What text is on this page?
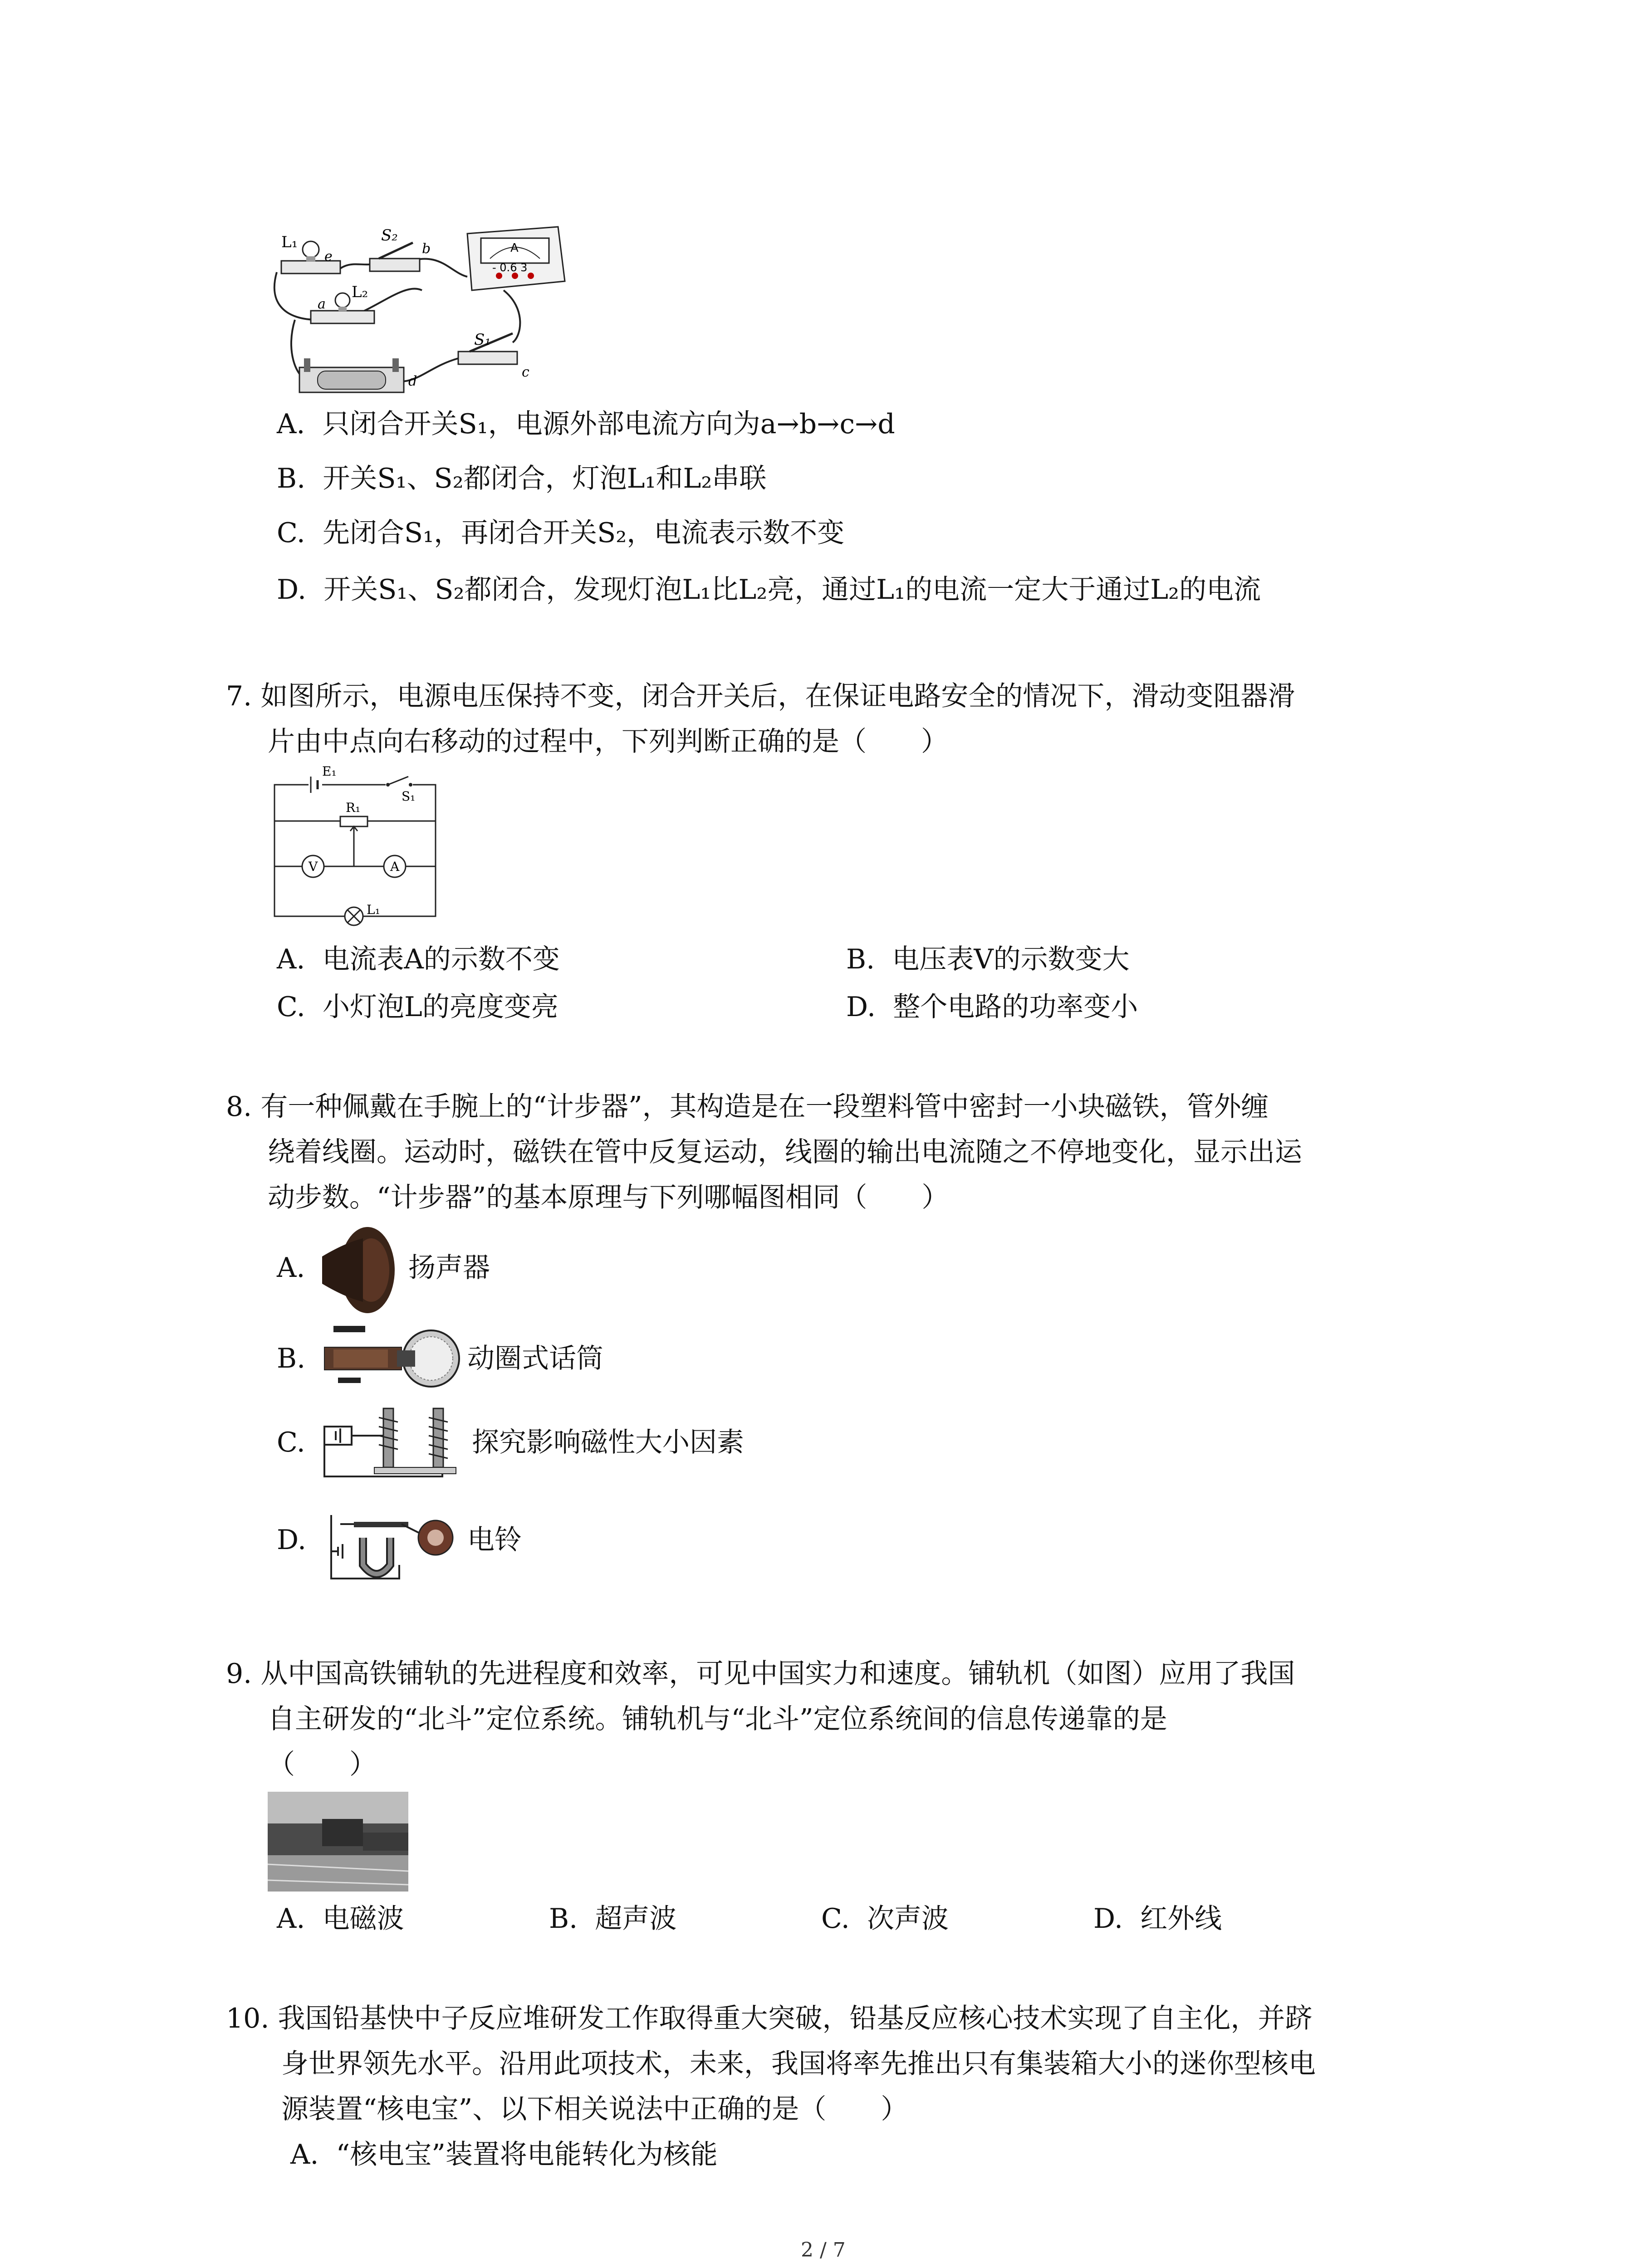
L₁
e
S₂
b	A
- 0.6 3
a
L₂
d
S₁
c
A. 只闭合开关S₁，电源外部电流方向为a→b→c→d
B. 开关S₁、S₂都闭合，灯泡L₁和L₂串联
C. 先闭合S₁，再闭合开关S₂，电流表示数不变
D. 开关S₁、S₂都闭合，发现灯泡L₁比L₂亮，通过L₁的电流一定大于通过L₂的电流
7. 如图所示，电源电压保持不变，闭合开关后，在保证电路安全的情况下，滑动变阻器滑
片由中点向右移动的过程中，下列判断正确的是（　　）
E₁
S₁
R₁
V	A
L₁
A. 电流表A的示数不变	B. 电压表V的示数变大
C. 小灯泡L的亮度变亮	D. 整个电路的功率变小
8. 有一种佩戴在手腕上的“计步器”，其构造是在一段塑料管中密封一小块磁铁，管外缠
绕着线圈。运动时，磁铁在管中反复运动，线圈的输出电流随之不停地变化，显示出运
动步数。“计步器”的基本原理与下列哪幅图相同（　　）
A.	扬声器
B.	动圈式话筒
C.	探究影响磁性大小因素
D.	电铃
9. 从中国高铁铺轨的先进程度和效率，可见中国实力和速度。铺轨机（如图）应用了我国
自主研发的“北斗”定位系统。铺轨机与“北斗”定位系统间的信息传递靠的是
（　　）
A. 电磁波	B. 超声波	C. 次声波	D. 红外线
10. 我国铅基快中子反应堆研发工作取得重大突破，铅基反应核心技术实现了自主化，并跻
身世界领先水平。沿用此项技术，未来，我国将率先推出只有集装箱大小的迷你型核电
源装置“核电宝”、以下相关说法中正确的是（　　）
A. “核电宝”装置将电能转化为核能
2 / 7
